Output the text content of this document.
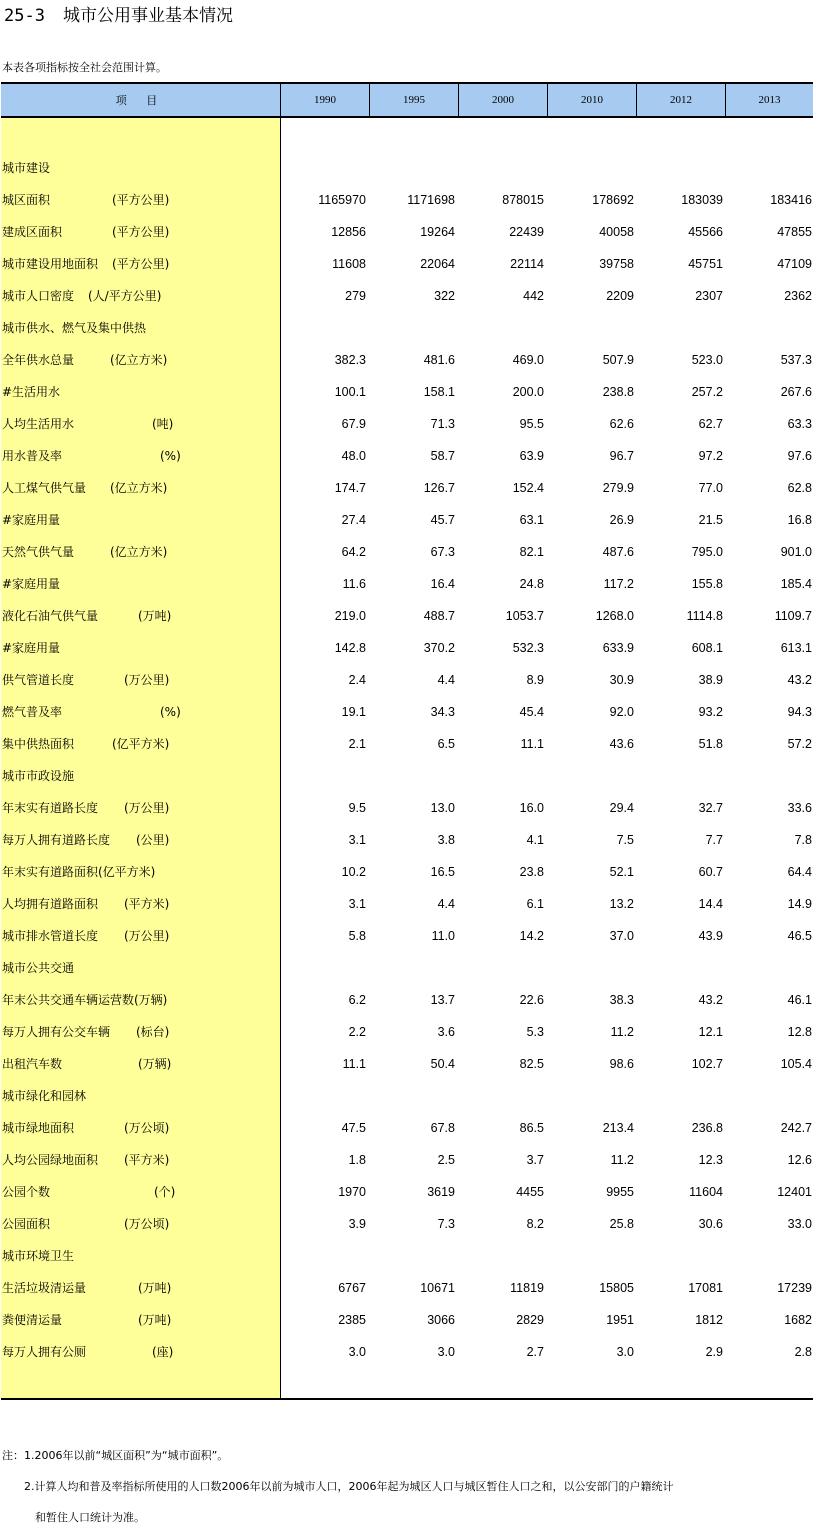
25-3 城市公用事业基本情况
本表各项指标按全社会范围计算。
项 目	1990	1995	2000	2010	2012	2013
城市建设
城区面积	(平方公里)	1165970	1171698	878015	178692	183039	183416
建成区面积	(平方公里)	12856	19264	22439	40058	45566	47855
城市建设用地面积 (平方公里)	11608	22064	22114	39758	45751	47109
城市人口密度 (人/平方公里)	279	322	442	2209	2307	2362
城市供水、燃气及集中供热
全年供水总量	(亿立方米)	382.3	481.6	469.0	507.9	523.0	537.3
#生活用水	100.1	158.1	200.0	238.8	257.2	267.6
人均生活用水	(吨)	67.9	71.3	95.5	62.6	62.7	63.3
用水普及率	(%)	48.0	58.7	63.9	96.7	97.2	97.6
人工煤气供气量 (亿立方米)	174.7	126.7	152.4	279.9	77.0	62.8
#家庭用量	27.4	45.7	63.1	26.9	21.5	16.8
天然气供气量	(亿立方米)	64.2	67.3	82.1	487.6	795.0	901.0
#家庭用量	11.6	16.4	24.8	117.2	155.8	185.4
液化石油气供气量	(万吨)	219.0	488.7	1053.7	1268.0	1114.8	1109.7
#家庭用量	142.8	370.2	532.3	633.9	608.1	613.1
供气管道长度	(万公里)	2.4	4.4	8.9	30.9	38.9	43.2
燃气普及率	(%)	19.1	34.3	45.4	92.0	93.2	94.3
集中供热面积	(亿平方米)	2.1	6.5	11.1	43.6	51.8	57.2
城市市政设施
年末实有道路长度 (万公里)	9.5	13.0	16.0	29.4	32.7	33.6
每万人拥有道路长度 (公里)	3.1	3.8	4.1	7.5	7.7	7.8
年末实有道路面积(亿平方米)	10.2	16.5	23.8	52.1	60.7	64.4
人均拥有道路面积 (平方米)	3.1	4.4	6.1	13.2	14.4	14.9
城市排水管道长度 (万公里)	5.8	11.0	14.2	37.0	43.9	46.5
城市公共交通
年末公共交通车辆运营数(万辆)	6.2	13.7	22.6	38.3	43.2	46.1
每万人拥有公交车辆 (标台)	2.2	3.6	5.3	11.2	12.1	12.8
出租汽车数	(万辆)	11.1	50.4	82.5	98.6	102.7	105.4
城市绿化和园林
城市绿地面积	(万公顷)	47.5	67.8	86.5	213.4	236.8	242.7
人均公园绿地面积 (平方米)	1.8	2.5	3.7	11.2	12.3	12.6
公园个数	(个)	1970	3619	4455	9955	11604	12401
公园面积	(万公顷)	3.9	7.3	8.2	25.8	30.6	33.0
城市环境卫生
生活垃圾清运量	(万吨)	6767	10671	11819	15805	17081	17239
粪便清运量	(万吨)	2385	3066	2829	1951	1812	1682
每万人拥有公厕	(座)	3.0	3.0	2.7	3.0	2.9	2.8
注：1.2006年以前“城区面积”为“城市面积”。
　　2.计算人均和普及率指标所使用的人口数2006年以前为城市人口，2006年起为城区人口与城区暂住人口之和，以公安部门的户籍统计
　　　和暂住人口统计为准。
